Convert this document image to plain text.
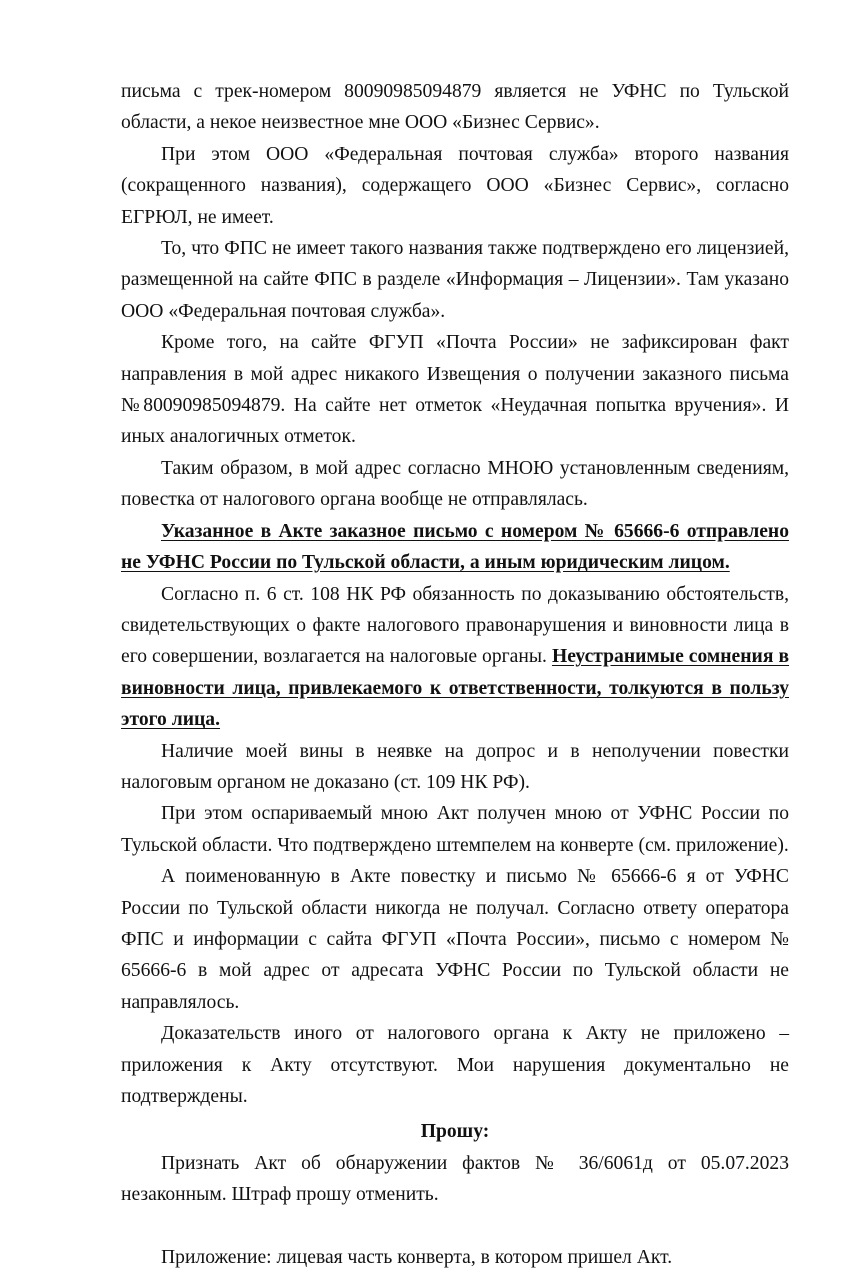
письма с трек-номером 80090985094879 является не УФНС по Тульской области, а некое неизвестное мне ООО «Бизнес Сервис».

При этом ООО «Федеральная почтовая служба» второго названия (сокращенного названия), содержащего ООО «Бизнес Сервис», согласно ЕГРЮЛ, не имеет.

То, что ФПС не имеет такого названия также подтверждено его лицензией, размещенной на сайте ФПС в разделе «Информация – Лицензии». Там указано ООО «Федеральная почтовая служба».

Кроме того, на сайте ФГУП «Почта России» не зафиксирован факт направления в мой адрес никакого Извещения о получении заказного письма №80090985094879. На сайте нет отметок «Неудачная попытка вручения». И иных аналогичных отметок.

Таким образом, в мой адрес согласно МНОЮ установленным сведениям, повестка от налогового органа вообще не отправлялась.

Указанное в Акте заказное письмо с номером № 65666-6 отправлено не УФНС России по Тульской области, а иным юридическим лицом.

Согласно п. 6 ст. 108 НК РФ обязанность по доказыванию обстоятельств, свидетельствующих о факте налогового правонарушения и виновности лица в его совершении, возлагается на налоговые органы. Неустранимые сомнения в виновности лица, привлекаемого к ответственности, толкуются в пользу этого лица.

Наличие моей вины в неявке на допрос и в неполучении повестки налоговым органом не доказано (ст. 109 НК РФ).

При этом оспариваемый мною Акт получен мною от УФНС России по Тульской области. Что подтверждено штемпелем на конверте (см. приложение).

А поименованную в Акте повестку и письмо № 65666-6 я от УФНС России по Тульской области никогда не получал. Согласно ответу оператора ФПС и информации с сайта ФГУП «Почта России», письмо с номером № 65666-6 в мой адрес от адресата УФНС России по Тульской области не направлялось.

Доказательств иного от налогового органа к Акту не приложено – приложения к Акту отсутствуют. Мои нарушения документально не подтверждены.

Прошу:

Признать Акт об обнаружении фактов № 36/6061д от 05.07.2023 незаконным. Штраф прошу отменить.

Приложение: лицевая часть конверта, в котором пришел Акт.
